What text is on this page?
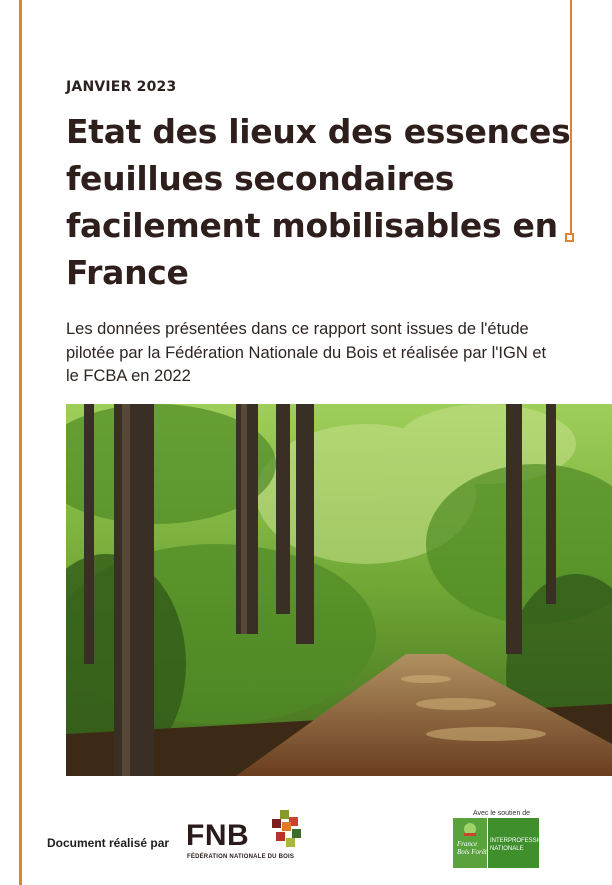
JANVIER 2023
Etat des lieux des essences feuillues secondaires facilement mobilisables en France

Les données présentées dans ce rapport sont issues de l'étude pilotée par la Fédération Nationale du Bois et réalisée par l'IGN et le FCBA en 2022

Document réalisé par FNB
FÉDÉRATION NATIONALE DU BOIS
Avec le soutien de
France Bois Forêt
INTERPROFESSION NATIONALE
